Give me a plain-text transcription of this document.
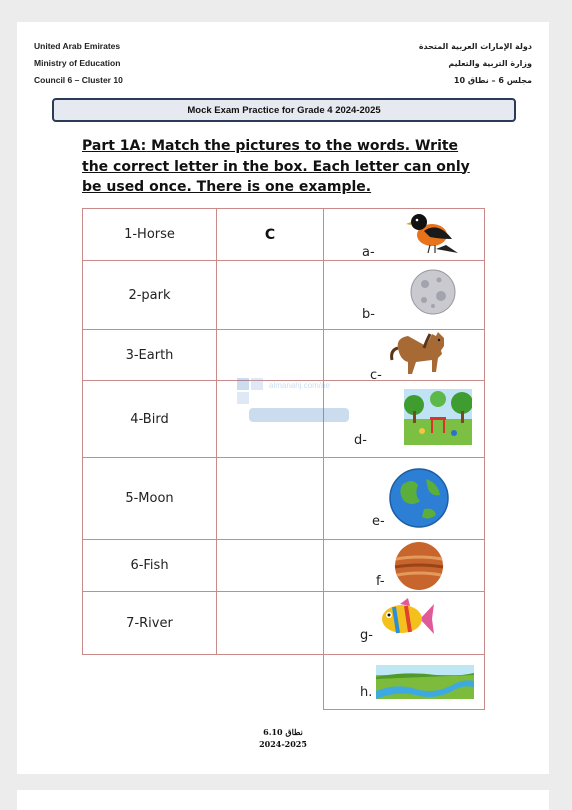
United Arab Emirates
Ministry of Education
Council 6 – Cluster 10
دولة الإمارات العربية المتحدة
وزارة التربية والتعليم
مجلس 6 – نطاق 10
Mock Exam Practice for Grade 4 2024-2025
Part 1A: Match the pictures to the words. Write the correct letter in the box. Each letter can only be used once. There is one example.
1-Horse	C	a-

2-park		b-

3-Earth		c-

4-Bird		d-

5-Moon		e-

6-Fish		f-

7-River		g-

		h.
almanahj.com/ae
نطاق 6.10
2024-2025
